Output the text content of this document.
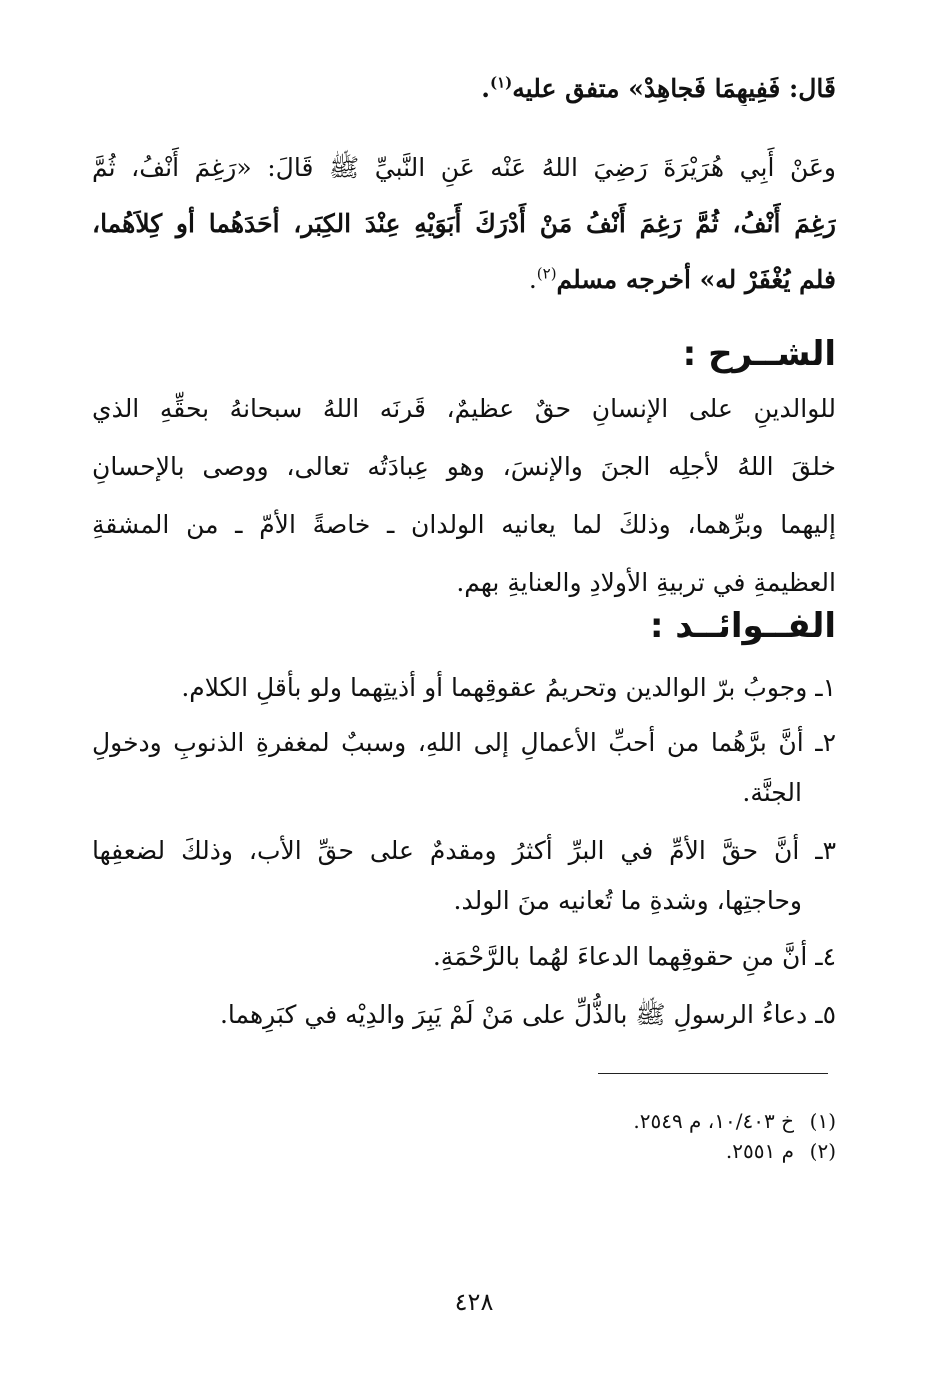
قَال: فَفِيهِمَا فَجاهِدْ» متفق عليه$^{(١)}$.
وعَنْ أَبِي هُرَيْرَةَ رَضِيَ اللهُ عَنْه عَنِ النَّبيِّ ﷺ قَالَ: «رَغِمَ أَنْفُ، ثُمَّ
رَغِمَ أَنْفُ، ثُمَّ رَغِمَ أَنْفُ مَنْ أَدْرَكَ أَبَوَيْهِ عِنْدَ الكِبَر، أحَدَهُما أو كِلاَهُما،
فلم يُغْفَرْ له» أخرجه مسلم$^{(٢)}$.
الشــرح :
للوالدينِ على الإنسانِ حقٌ عظيمٌ، قَرنَه اللهُ سبحانهُ بحقِّهِ الذي
خلقَ اللهُ لأجلِه الجنَ والإنسَ، وهو عِبادَتُه تعالى، ووصى بالإحسانِ
إليهما وبرِّهما، وذلكَ لما يعانيه الولدان ـ خاصةً الأمّ ـ من المشقةِ
العظيمةِ في تربيةِ الأولادِ والعنايةِ بهم.
الفــوائــد :
١ـ وجوبُ برّ الوالدين وتحريمُ عقوقِهما أو أذيتِهما ولو بأقلِ الكلام.
٢ـ أنَّ برَّهُما من أحبِّ الأعمالِ إلى اللهِ، وسببٌ لمغفرةِ الذنوبِ ودخولِ
الجنَّة.
٣ـ أنَّ حقَّ الأمِّ في البرِّ أكثرُ ومقدمٌ على حقِّ الأب، وذلكَ لضعفِها
وحاجتِها، وشدةِ ما تُعانيه منَ الولد.
٤ـ أنَّ منِ حقوقِهما الدعاءَ لهُما بالرَّحْمَةِ.
٥ـ دعاءُ الرسولِ ﷺ بالذُّلِّ على مَنْ لَمْ يَبِرَ والدِيْه في كبَرِهما.
(١)خ ١٠/٤٠٣، م ٢٥٤٩.
(٢)م ٢٥٥١.
٤٢٨
